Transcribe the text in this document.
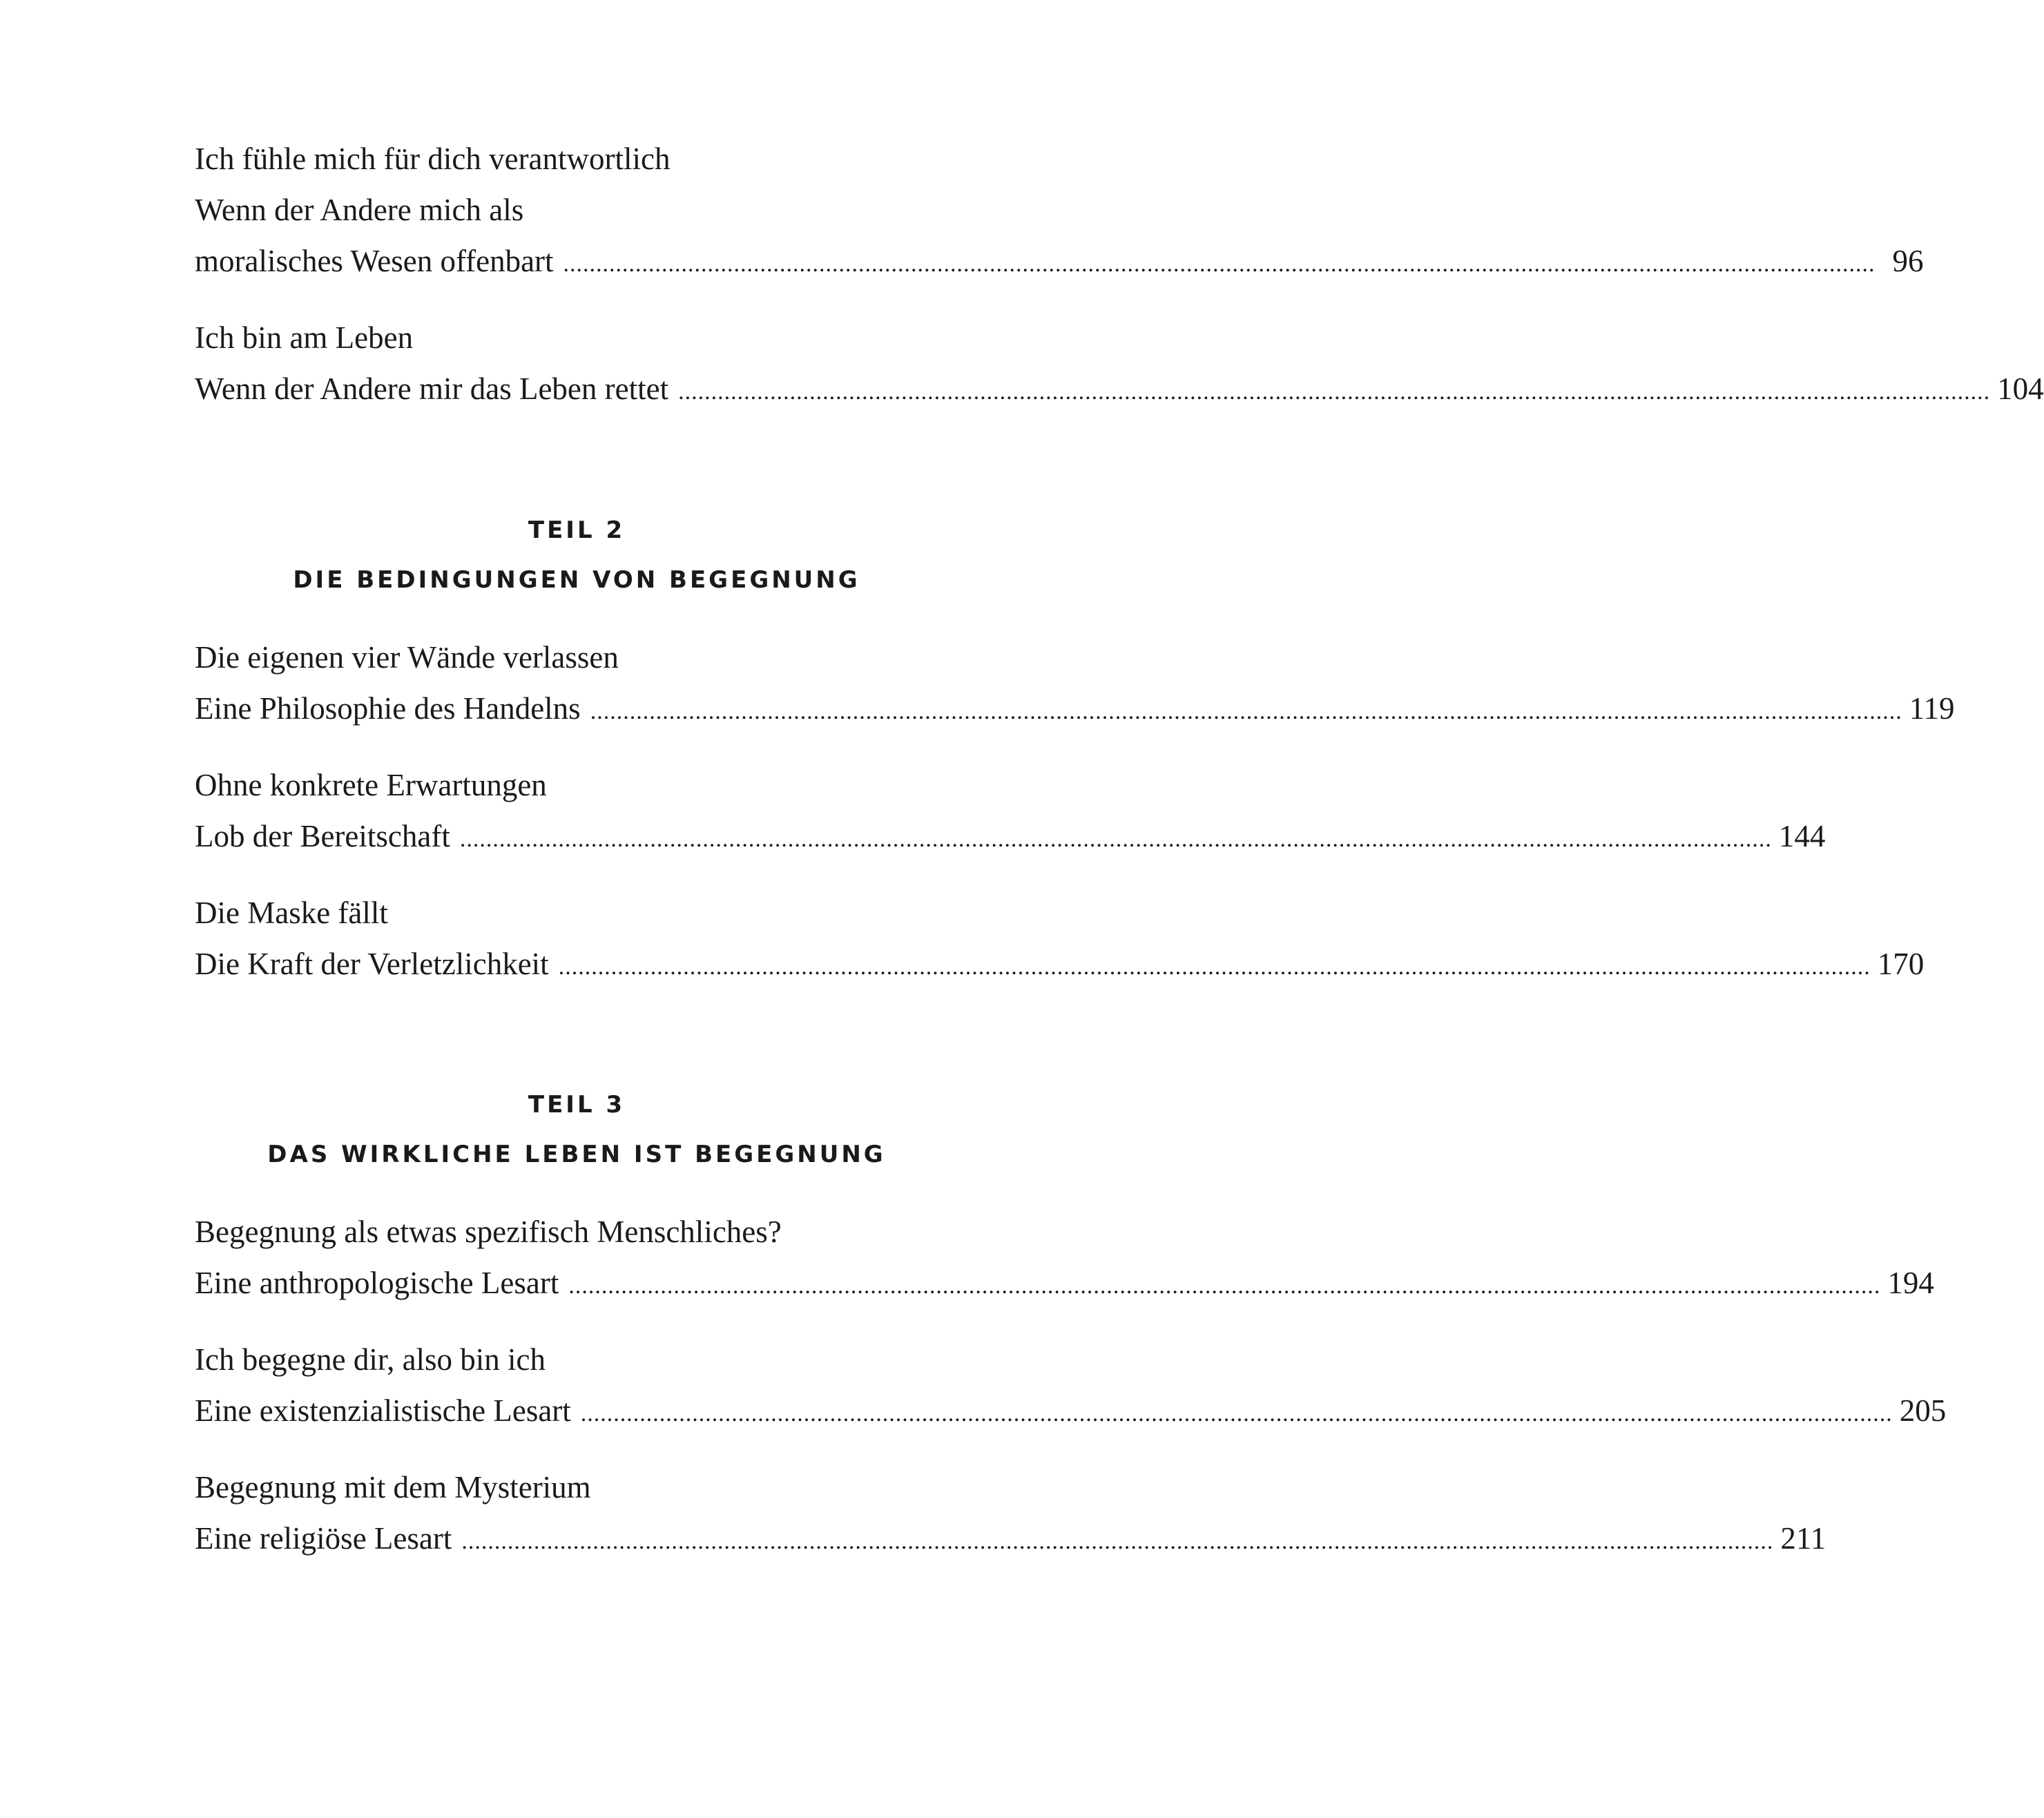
Ich fühle mich für dich verantwortlich
Wenn der Andere mich als
moralisches Wesen offenbart ........................................................................................................................................................................................................ 96
Ich bin am Leben
Wenn der Andere mir das Leben rettet ........................................................................................................................................................................................................ 104
TEIL 2
DIE BEDINGUNGEN VON BEGEGNUNG
Die eigenen vier Wände verlassen
Eine Philosophie des Handelns ........................................................................................................................................................................................................ 119
Ohne konkrete Erwartungen
Lob der Bereitschaft ........................................................................................................................................................................................................ 144
Die Maske fällt
Die Kraft der Verletzlichkeit ........................................................................................................................................................................................................ 170
TEIL 3
DAS WIRKLICHE LEBEN IST BEGEGNUNG
Begegnung als etwas spezifisch Menschliches?
Eine anthropologische Lesart ........................................................................................................................................................................................................ 194
Ich begegne dir, also bin ich
Eine existenzialistische Lesart ........................................................................................................................................................................................................ 205
Begegnung mit dem Mysterium
Eine religiöse Lesart ........................................................................................................................................................................................................ 211
